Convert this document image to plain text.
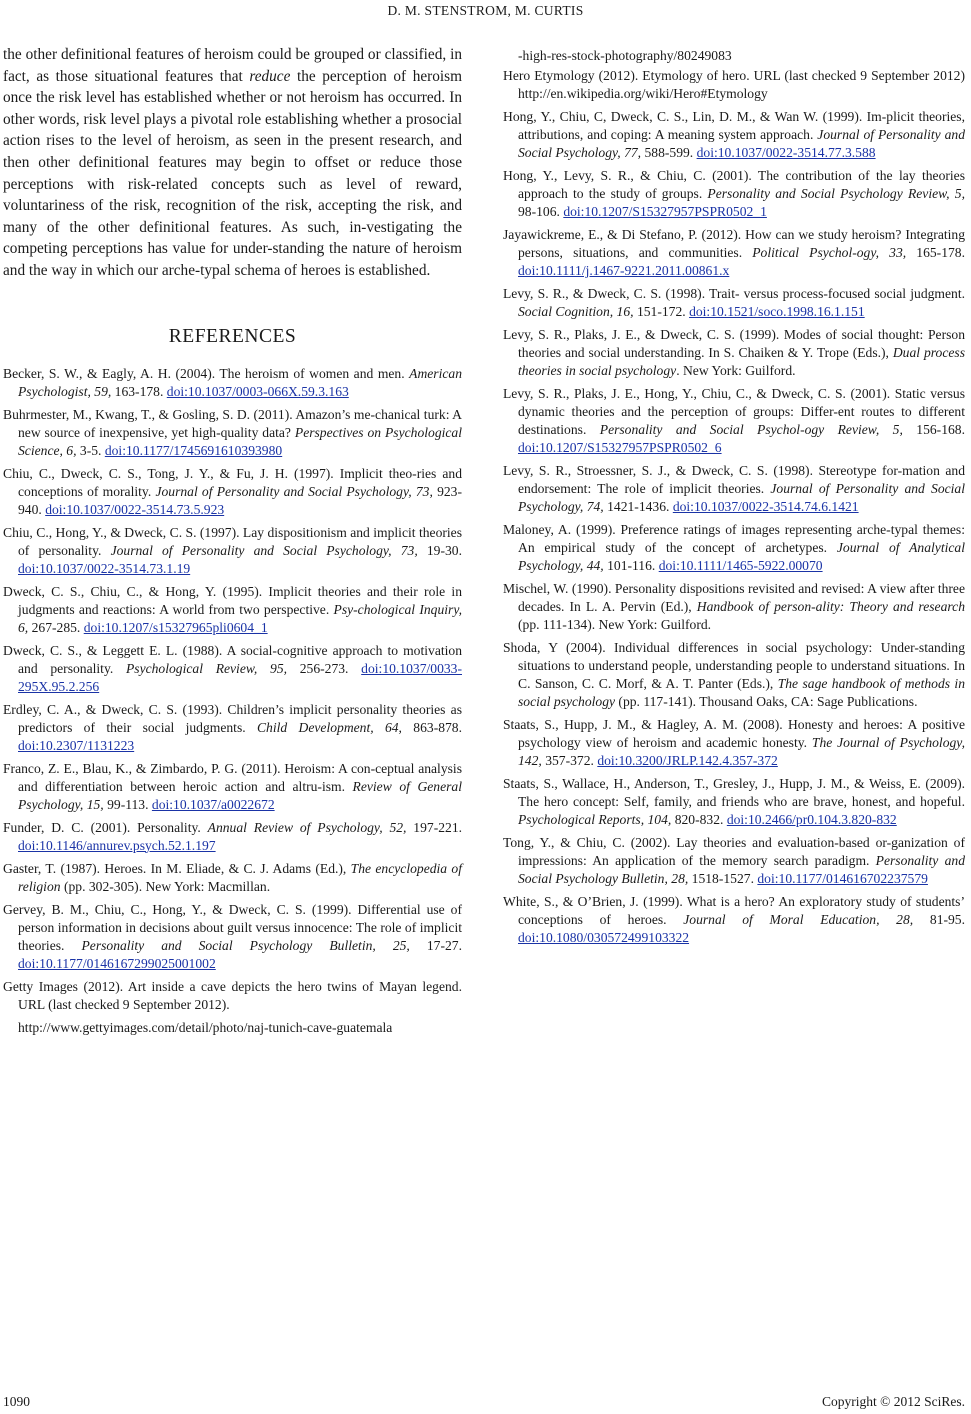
D. M. STENSTROM, M. CURTIS

the other definitional features of heroism could be grouped or classified, in fact, as those situational features that reduce the perception of heroism once the risk level has established whether or not heroism has occurred. In other words, risk level plays a pivotal role establishing whether a prosocial action rises to the level of heroism, as seen in the present research, and then other definitional features may begin to offset or reduce those perceptions with risk-related concepts such as level of reward, voluntariness of the risk, recognition of the risk, accepting the risk, and many of the other definitional features. As such, in-vestigating the competing perceptions has value for under-standing the nature of heroism and the way in which our arche-typal schema of heroes is established.

REFERENCES

Becker, S. W., & Eagly, A. H. (2004). The heroism of women and men. American Psychologist, 59, 163-178. doi:10.1037/0003-066X.59.3.163

Buhrmester, M., Kwang, T., & Gosling, S. D. (2011). Amazon’s me-chanical turk: A new source of inexpensive, yet high-quality data? Perspectives on Psychological Science, 6, 3-5. doi:10.1177/1745691610393980

Chiu, C., Dweck, C. S., Tong, J. Y., & Fu, J. H. (1997). Implicit theo-ries and conceptions of morality. Journal of Personality and Social Psychology, 73, 923-940. doi:10.1037/0022-3514.73.5.923

Chiu, C., Hong, Y., & Dweck, C. S. (1997). Lay dispositionism and implicit theories of personality. Journal of Personality and Social Psychology, 73, 19-30. doi:10.1037/0022-3514.73.1.19

Dweck, C. S., Chiu, C., & Hong, Y. (1995). Implicit theories and their role in judgments and reactions: A world from two perspective. Psy-chological Inquiry, 6, 267-285. doi:10.1207/s15327965pli0604_1

Dweck, C. S., & Leggett E. L. (1988). A social-cognitive approach to motivation and personality. Psychological Review, 95, 256-273. doi:10.1037/0033-295X.95.2.256

Erdley, C. A., & Dweck, C. S. (1993). Children’s implicit personality theories as predictors of their social judgments. Child Development, 64, 863-878. doi:10.2307/1131223

Franco, Z. E., Blau, K., & Zimbardo, P. G. (2011). Heroism: A con-ceptual analysis and differentiation between heroic action and altru-ism. Review of General Psychology, 15, 99-113. doi:10.1037/a0022672

Funder, D. C. (2001). Personality. Annual Review of Psychology, 52, 197-221. doi:10.1146/annurev.psych.52.1.197

Gaster, T. (1987). Heroes. In M. Eliade, & C. J. Adams (Ed.), The encyclopedia of religion (pp. 302-305). New York: Macmillan.

Gervey, B. M., Chiu, C., Hong, Y., & Dweck, C. S. (1999). Differential use of person information in decisions about guilt versus innocence: The role of implicit theories. Personality and Social Psychology Bulletin, 25, 17-27. doi:10.1177/0146167299025001002

Getty Images (2012). Art inside a cave depicts the hero twins of Mayan legend. URL (last checked 9 September 2012).

http://www.gettyimages.com/detail/photo/naj-tunich-cave-guatemala

-high-res-stock-photography/80249083

Hero Etymology (2012). Etymology of hero. URL (last checked 9 September 2012) http://en.wikipedia.org/wiki/Hero#Etymology

Hong, Y., Chiu, C, Dweck, C. S., Lin, D. M., & Wan W. (1999). Im-plicit theories, attributions, and coping: A meaning system approach. Journal of Personality and Social Psychology, 77, 588-599. doi:10.1037/0022-3514.77.3.588

Hong, Y., Levy, S. R., & Chiu, C. (2001). The contribution of the lay theories approach to the study of groups. Personality and Social Psychology Review, 5, 98-106. doi:10.1207/S15327957PSPR0502_1

Jayawickreme, E., & Di Stefano, P. (2012). How can we study heroism? Integrating persons, situations, and communities. Political Psychol-ogy, 33, 165-178. doi:10.1111/j.1467-9221.2011.00861.x

Levy, S. R., & Dweck, C. S. (1998). Trait- versus process-focused social judgment. Social Cognition, 16, 151-172. doi:10.1521/soco.1998.16.1.151

Levy, S. R., Plaks, J. E., & Dweck, C. S. (1999). Modes of social thought: Person theories and social understanding. In S. Chaiken & Y. Trope (Eds.), Dual process theories in social psychology. New York: Guilford.

Levy, S. R., Plaks, J. E., Hong, Y., Chiu, C., & Dweck, C. S. (2001). Static versus dynamic theories and the perception of groups: Differ-ent routes to different destinations. Personality and Social Psychol-ogy Review, 5, 156-168. doi:10.1207/S15327957PSPR0502_6

Levy, S. R., Stroessner, S. J., & Dweck, C. S. (1998). Stereotype for-mation and endorsement: The role of implicit theories. Journal of Personality and Social Psychology, 74, 1421-1436. doi:10.1037/0022-3514.74.6.1421

Maloney, A. (1999). Preference ratings of images representing arche-typal themes: An empirical study of the concept of archetypes. Journal of Analytical Psychology, 44, 101-116. doi:10.1111/1465-5922.00070

Mischel, W. (1990). Personality dispositions revisited and revised: A view after three decades. In L. A. Pervin (Ed.), Handbook of person-ality: Theory and research (pp. 111-134). New York: Guilford.

Shoda, Y (2004). Individual differences in social psychology: Under-standing situations to understand people, understanding people to understand situations. In C. Sanson, C. C. Morf, & A. T. Panter (Eds.), The sage handbook of methods in social psychology (pp. 117-141). Thousand Oaks, CA: Sage Publications.

Staats, S., Hupp, J. M., & Hagley, A. M. (2008). Honesty and heroes: A positive psychology view of heroism and academic honesty. The Journal of Psychology, 142, 357-372. doi:10.3200/JRLP.142.4.357-372

Staats, S., Wallace, H., Anderson, T., Gresley, J., Hupp, J. M., & Weiss, E. (2009). The hero concept: Self, family, and friends who are brave, honest, and hopeful. Psychological Reports, 104, 820-832. doi:10.2466/pr0.104.3.820-832

Tong, Y., & Chiu, C. (2002). Lay theories and evaluation-based or-ganization of impressions: An application of the memory search paradigm. Personality and Social Psychology Bulletin, 28, 1518-1527. doi:10.1177/014616702237579

White, S., & O’Brien, J. (1999). What is a hero? An exploratory study of students’ conceptions of heroes. Journal of Moral Education, 28, 81-95. doi:10.1080/030572499103322

1090	Copyright © 2012 SciRes.
